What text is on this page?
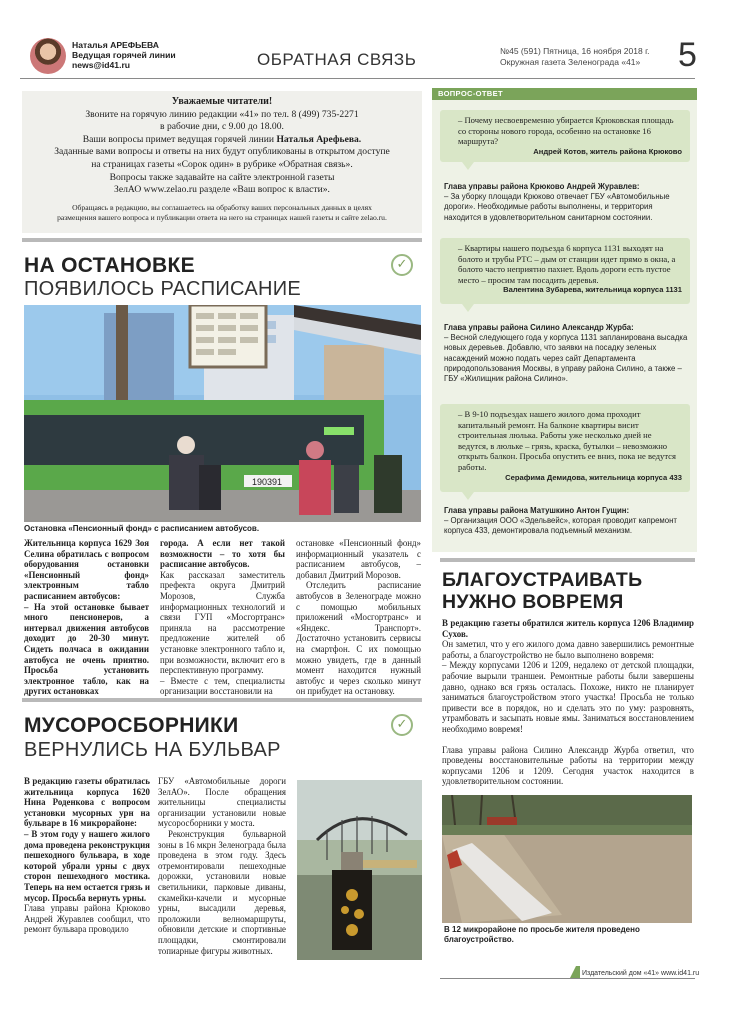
Наталья АРЕФЬЕВА
Ведущая горячей линии
news@id41.ru	ОБРАТНАЯ СВЯЗЬ	№45 (591) Пятница, 16 ноября 2018 г.
Окружная газета Зеленограда «41»	5
Уважаемые читатели!
Звоните на горячую линию редакции «41» по тел. 8 (499) 735-2271
в рабочие дни, с 9.00 до 18.00.
Ваши вопросы примет ведущая горячей линии Наталья Арефьева.
Заданные вами вопросы и ответы на них будут опубликованы в открытом доступе
на страницах газеты «Сорок один» в рубрике «Обратная связь».
Вопросы также задавайте на сайте электронной газеты
ЗелАО www.zelao.ru разделе «Ваш вопрос к власти».
Обращаясь в редакцию, вы соглашаетесь на обработку ваших персональных данных в целях
размещения вашего вопроса и публикации ответа на него на страницах нашей газеты и сайте zelao.ru.
НА ОСТАНОВКЕ
ПОЯВИЛОСЬ РАСПИСАНИЕ
✓
190391
Остановка «Пенсионный фонд» с расписанием автобусов.
Жительница корпуса 1629 Зоя Селина обратилась с вопросом оборудования остановки «Пенсионный фонд» электронным табло расписанием автобусов:
– На этой остановке бывает много пенсионеров, а интервал движения автобусов доходит до 20-30 минут. Сидеть полчаса в ожидании автобуса не очень приятно. Просьба установить электронное табло, как на других остановках
города. А если нет такой возможности – то хотя бы расписание автобусов.
Как рассказал заместитель префекта округа Дмитрий Морозов, Служба информационных технологий и связи ГУП «Мосгортранс» приняла на рассмотрение предложение жителей об установке электронного табло и, при возможности, включит его в перспективную программу.
– Вместе с тем, специалисты организации восстановили на
остановке «Пенсионный фонд» информационный указатель с расписанием автобусов, – добавил Дмитрий Морозов.
Отследить расписание автобусов в Зеленограде можно с помощью мобильных приложений «Мосгортранс» и «Яндекс. Транспорт». Достаточно установить сервисы на смартфон. С их помощью можно увидеть, где в данный момент находится нужный автобус и через сколько минут он прибудет на остановку.
МУСОРОСБОРНИКИ
ВЕРНУЛИСЬ НА БУЛЬВАР
✓
В редакцию газеты обратилась жительница корпуса 1620 Нина Роденкова с вопросом установки мусорных урн на бульваре в 16 микрорайоне:
– В этом году у нашего жилого дома проведена реконструкция пешеходного бульвара, в ходе которой убрали урны с двух сторон пешеходного мостика. Теперь на нем остается грязь и мусор. Просьба вернуть урны.
Глава управы района Крюково Андрей Журавлев сообщил, что ремонт бульвара проводило
ГБУ «Автомобильные дороги ЗелАО». После обращения жительницы специалисты организации установили новые мусоросборники у моста.
Реконструкция бульварной зоны в 16 мкрн Зеленограда была проведена в этом году. Здесь отремонтировали пешеходные дорожки, установили новые светильники, парковые диваны, скамейки-качели и мусорные урны, высадили деревья, проложили велномаршруты, обновили детские и спортивные площадки, смонтировали топиарные фигуры животных.
БЛАГОУСТРАИВАТЬ
НУЖНО ВОВРЕМЯ
В редакцию газеты обратился житель корпуса 1206 Владимир Сухов.
Он заметил, что у его жилого дома давно завершились ремонтные работы, а благоустройство не было выполнено вовремя:
– Между корпусами 1206 и 1209, недалеко от детской площадки, рабочие вырыли траншеи. Ремонтные работы были завершены давно, однако вся грязь осталась. Похоже, никто не планирует заниматься благоустройством этого участка! Просьба не только привести все в порядок, но и сделать это по уму: разровнять, утрамбовать и засыпать новые ямы. Заниматься восстановлением необходимо вовремя!
Глава управы района Силино Александр Журба ответил, что проведены восстановительные работы на территории между корпусами 1206 и 1209. Сегодня участок находится в удовлетворительном состоянии.
В 12 микрорайоне по просьбе жителя проведено благоустройство.
ВОПРОС-ОТВЕТ
– Почему несвоевременно убирается Крюковская площадь со стороны нового города, особенно на остановке 16 маршрута?
Андрей Котов, житель района Крюково
Глава управы района Крюково Андрей Журавлев:
– За уборку площади Крюково отвечает ГБУ «Автомобильные дороги». Необходимые работы выполнены, и территория находится в удовлетворительном санитарном состоянии.
– Квартиры нашего подъезда 6 корпуса 1131 выходят на болото и трубы РТС – дым от станции идет прямо в окна, а болото часто неприятно пахнет. Вдоль дороги есть пустое место – просим там посадить деревья.
Валентина Зубарева, жительница корпуса 1131
Глава управы района Силино Александр Журба:
– Весной следующего года у корпуса 1131 запланирована высадка новых деревьев. Добавлю, что заявки на посадку зеленых насаждений можно подать через сайт Департамента природопользования Москвы, в управу района Силино, а также – ГБУ «Жилищник района Силино».
– В 9-10 подъездах нашего жилого дома проходит капитальный ремонт. На балконе квартиры висит строительная люлька. Работы уже несколько дней не ведутся, в люльке – грязь, краска, бутылки – невозможно открыть балкон. Просьба опустить ее вниз, пока не ведутся работы.
Серафима Демидова, жительница корпуса 433
Глава управы района Матушкино Антон Гущин:
– Организация ООО «Эдельвейс», которая проводит капремонт корпуса 433, демонтировала подъемный механизм.
Издательский дом «41» www.id41.ru
